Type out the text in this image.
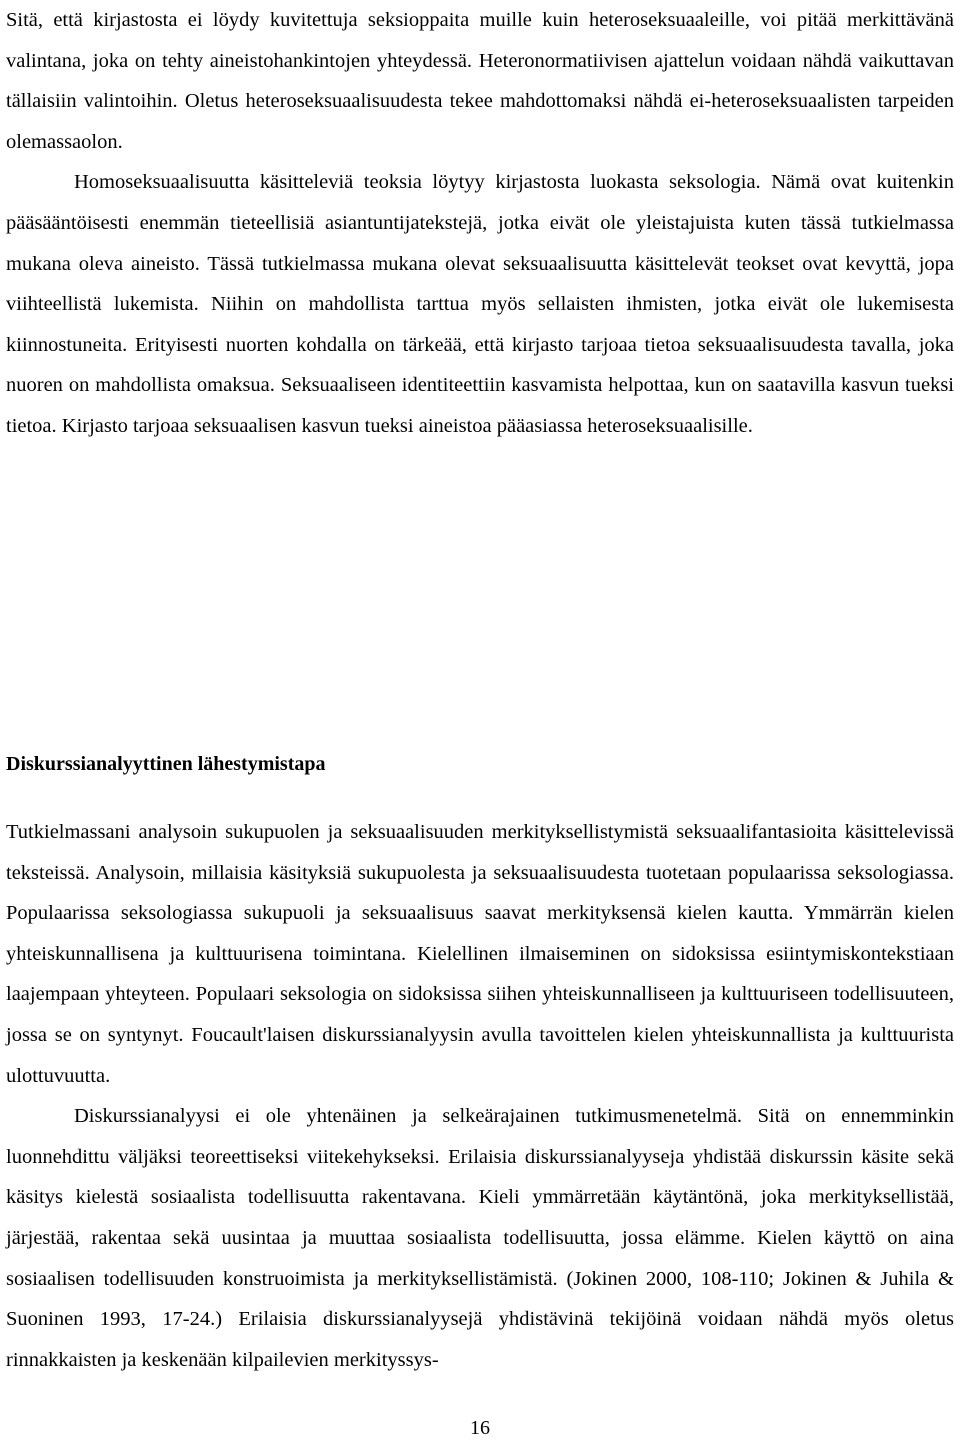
Sitä, että kirjastosta ei löydy kuvitettuja seksioppaita muille kuin heteroseksuaaleille, voi pitää merkittävänä valintana, joka on tehty aineistohankintojen yhteydessä. Heteronormatiivisen ajattelun voidaan nähdä vaikuttavan tällaisiin valintoihin. Oletus heteroseksuaalisuudesta tekee mahdottomaksi nähdä ei-heteroseksuaalisten tarpeiden olemassaolon.

Homoseksuaalisuutta käsitteleviä teoksia löytyy kirjastosta luokasta seksologia. Nämä ovat kuitenkin pääsääntöisesti enemmän tieteellisiä asiantuntijatekstejä, jotka eivät ole yleistajuista kuten tässä tutkielmassa mukana oleva aineisto. Tässä tutkielmassa mukana olevat seksuaalisuutta käsittelevät teokset ovat kevyttä, jopa viihteellistä lukemista. Niihin on mahdollista tarttua myös sellaisten ihmisten, jotka eivät ole lukemisesta kiinnostuneita. Erityisesti nuorten kohdalla on tärkeää, että kirjasto tarjoaa tietoa seksuaalisuudesta tavalla, joka nuoren on mahdollista omaksua. Seksuaaliseen identiteettiin kasvamista helpottaa, kun on saatavilla kasvun tueksi tietoa. Kirjasto tarjoaa seksuaalisen kasvun tueksi aineistoa pääasiassa heteroseksuaalisille.

Diskurssianalyyttinen lähestymistapa

Tutkielmassani analysoin sukupuolen ja seksuaalisuuden merkityksellistymistä seksuaalifantasioita käsittelevissä teksteissä. Analysoin, millaisia käsityksiä sukupuolesta ja seksuaalisuudesta tuotetaan populaarissa seksologiassa. Populaarissa seksologiassa sukupuoli ja seksuaalisuus saavat merkityksensä kielen kautta. Ymmärrän kielen yhteiskunnallisena ja kulttuurisena toimintana. Kielellinen ilmaiseminen on sidoksissa esiintymiskontekstiaan laajempaan yhteyteen. Populaari seksologia on sidoksissa siihen yhteiskunnalliseen ja kulttuuriseen todellisuuteen, jossa se on syntynyt. Foucault'laisen diskurssianalyysin avulla tavoittelen kielen yhteiskunnallista ja kulttuurista ulottuvuutta.

Diskurssianalyysi ei ole yhtenäinen ja selkeärajainen tutkimusmenetelmä. Sitä on ennemminkin luonnehdittu väljäksi teoreettiseksi viitekehykseksi. Erilaisia diskurssianalyyseja yhdistää diskurssin käsite sekä käsitys kielestä sosiaalista todellisuutta rakentavana. Kieli ymmärretään käytäntönä, joka merkityksellistää, järjestää, rakentaa sekä uusintaa ja muuttaa sosiaalista todellisuutta, jossa elämme. Kielen käyttö on aina sosiaalisen todellisuuden konstruoimista ja merkityksellistämistä. (Jokinen 2000, 108-110; Jokinen & Juhila & Suoninen 1993, 17-24.) Erilaisia diskurssianalyysejä yhdistävinä tekijöinä voidaan nähdä myös oletus rinnakkaisten ja keskenään kilpailevien merkityssys-

16
